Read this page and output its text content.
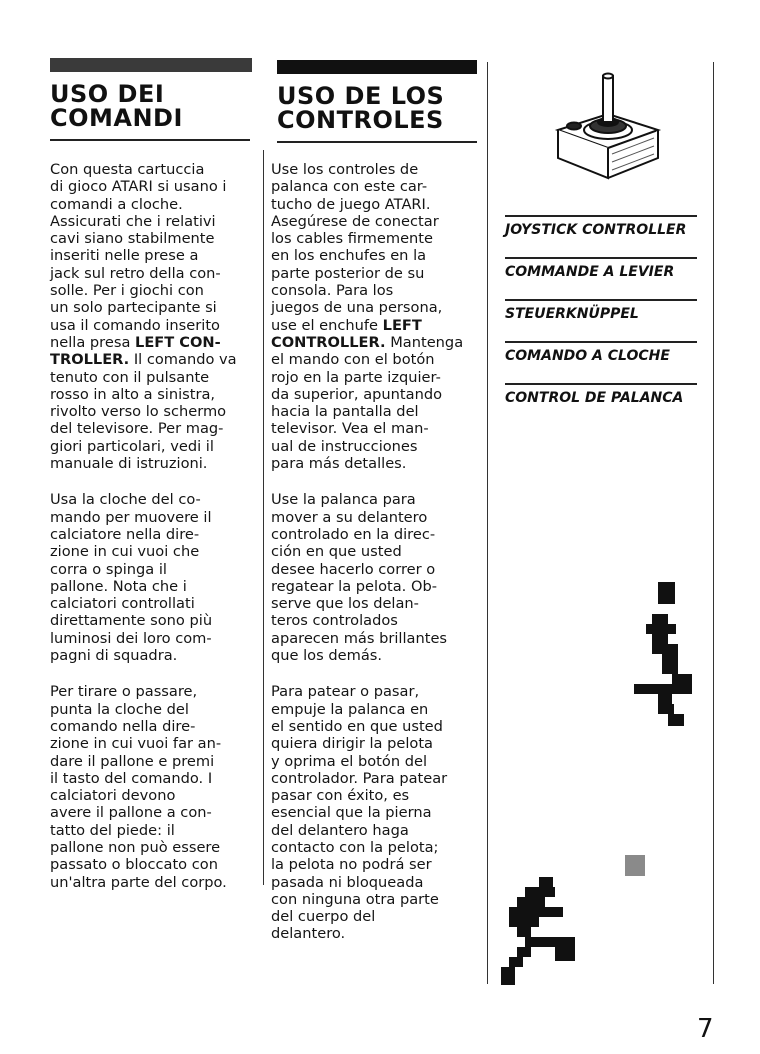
USO DEI
COMANDI

Con questa cartuccia
di gioco ATARI si usano i
comandi a cloche.
Assicurati che i relativi
cavi siano stabilmente
inseriti nelle prese a
jack sul retro della con-
solle. Per i giochi con
un solo partecipante si
usa il comando inserito
nella presa LEFT CON-
TROLLER. Il comando va
tenuto con il pulsante
rosso in alto a sinistra,
rivolto verso lo schermo
del televisore. Per mag-
giori particolari, vedi il
manuale di istruzioni.

Usa la cloche del co-
mando per muovere il
calciatore nella dire-
zione in cui vuoi che
corra o spinga il
pallone. Nota che i
calciatori controllati
direttamente sono più
luminosi dei loro com-
pagni di squadra.

Per tirare o passare,
punta la cloche del
comando nella dire-
zione in cui vuoi far an-
dare il pallone e premi
il tasto del comando. I
calciatori devono
avere il pallone a con-
tatto del piede: il
pallone non può essere
passato o bloccato con
un'altra parte del corpo.

USO DE LOS
CONTROLES

Use los controles de
palanca con este car-
tucho de juego ATARI.
Asegúrese de conectar
los cables firmemente
en los enchufes en la
parte posterior de su
consola. Para los
juegos de una persona,
use el enchufe LEFT
CONTROLLER. Mantenga
el mando con el botón
rojo en la parte izquier-
da superior, apuntando
hacia la pantalla del
televisor. Vea el man-
ual de instrucciones
para más detalles.

Use la palanca para
mover a su delantero
controlado en la direc-
ción en que usted
desee hacerlo correr o
regatear la pelota. Ob-
serve que los delan-
teros controlados
aparecen más brillantes
que los demás.

Para patear o pasar,
empuje la palanca en
el sentido en que usted
quiera dirigir la pelota
y oprima el botón del
controlador. Para patear
pasar con éxito, es
esencial que la pierna
del delantero haga
contacto con la pelota;
la pelota no podrá ser
pasada ni bloqueada
con ninguna otra parte
del cuerpo del
delantero.

JOYSTICK CONTROLLER
COMMANDE A LEVIER
STEUERKNÜPPEL
COMANDO A CLOCHE
CONTROL DE PALANCA
7
